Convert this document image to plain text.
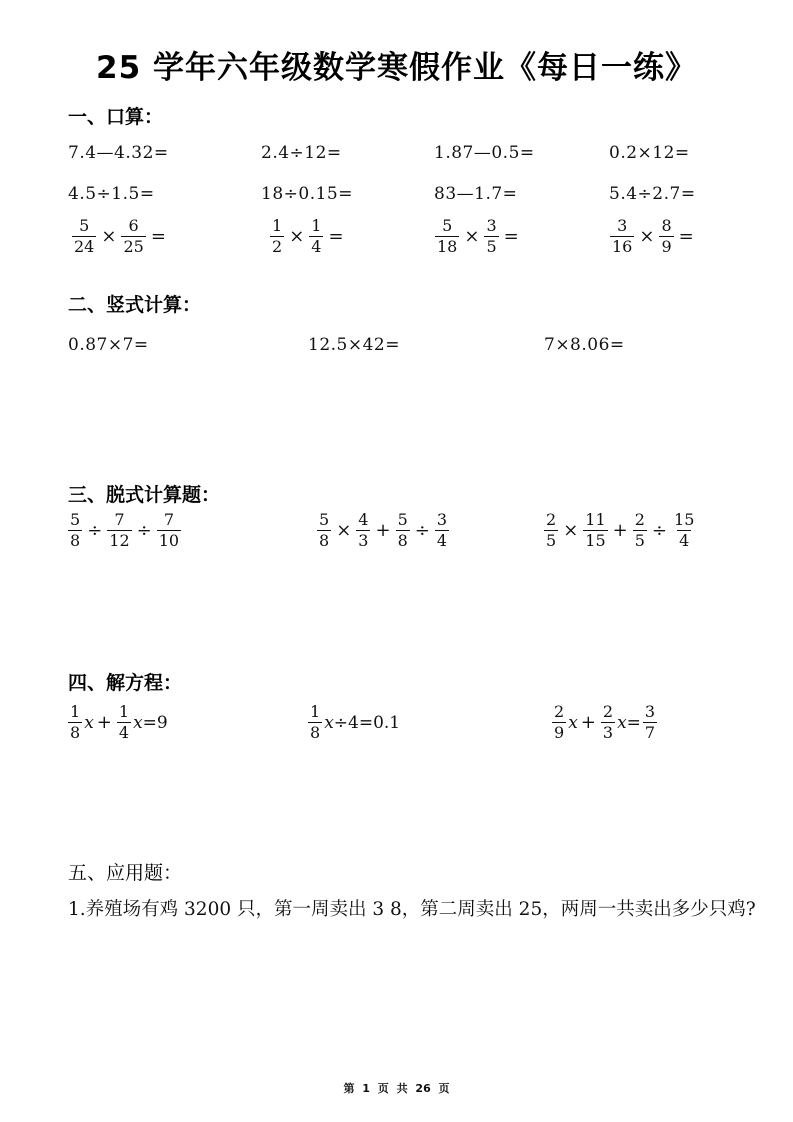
25 学年六年级数学寒假作业《每日一练》
一、口算：
7.4—4.32=	2.4÷12=	1.87—0.5=	0.2×12=
4.5÷1.5=	18÷0.15=	83—1.7=	5.4÷2.7=
$\frac{5}{24} \times \frac{6}{25}$ =	$\frac{1}{2} \times \frac{1}{4}$ =	$\frac{5}{18} \times \frac{3}{5}$ =	$\frac{3}{16} \times \frac{8}{9}$ =
二、竖式计算：
0.87×7=	12.5×42=	7×8.06=
三、脱式计算题：
$\frac{5}{8} \div \frac{7}{12} \div \frac{7}{10}$	$\frac{5}{8} \times \frac{4}{3} + \frac{5}{8} \div \frac{3}{4}$	$\frac{2}{5} \times \frac{11}{15} + \frac{2}{5} \div \frac{15}{4}$
四、解方程：
$\frac{1}{8}$ $x + \frac{1}{4}$ x =9	$\frac{1}{8}$ x ÷4=0.1	$\frac{2}{9}$ $x + \frac{2}{3}$ $x = \frac{3}{7}$
五、应用题：
1.养殖场有鸡 3200 只，第一周卖出 3 8，第二周卖出 25，两周一共卖出多少只鸡?
第 1 页 共 26 页
